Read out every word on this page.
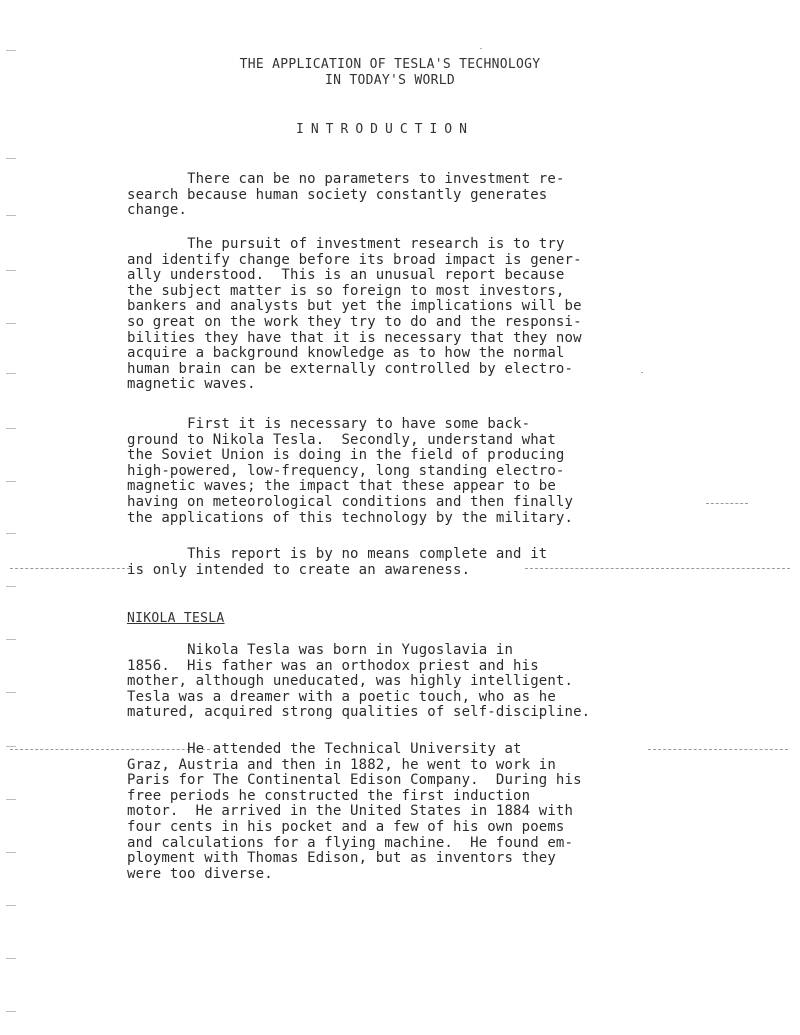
THE APPLICATION OF TESLA'S TECHNOLOGY
IN TODAY'S WORLD
INTRODUCTION
There can be no parameters to investment re-
search because human society constantly generates
change.
The pursuit of investment research is to try
and identify change before its broad impact is gener-
ally understood.  This is an unusual report because
the subject matter is so foreign to most investors,
bankers and analysts but yet the implications will be
so great on the work they try to do and the responsi-
bilities they have that it is necessary that they now
acquire a background knowledge as to how the normal
human brain can be externally controlled by electro-
magnetic waves.
First it is necessary to have some back-
ground to Nikola Tesla.  Secondly, understand what
the Soviet Union is doing in the field of producing
high-powered, low-frequency, long standing electro-
magnetic waves; the impact that these appear to be
having on meteorological conditions and then finally
the applications of this technology by the military.
This report is by no means complete and it
is only intended to create an awareness.
NIKOLA TESLA
Nikola Tesla was born in Yugoslavia in
1856.  His father was an orthodox priest and his
mother, although uneducated, was highly intelligent.
Tesla was a dreamer with a poetic touch, who as he
matured, acquired strong qualities of self-discipline.
He attended the Technical University at
Graz, Austria and then in 1882, he went to work in
Paris for The Continental Edison Company.  During his
free periods he constructed the first induction
motor.  He arrived in the United States in 1884 with
four cents in his pocket and a few of his own poems
and calculations for a flying machine.  He found em-
ployment with Thomas Edison, but as inventors they
were too diverse.
